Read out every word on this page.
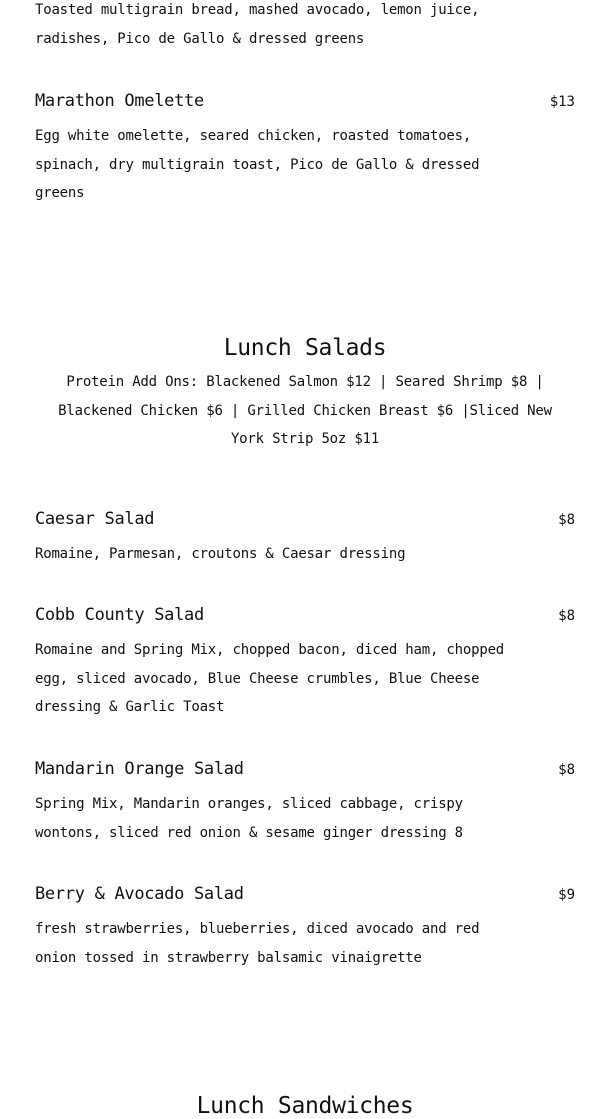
Toasted multigrain bread, mashed avocado, lemon juice, radishes, Pico de Gallo & dressed greens
Marathon Omelette	$13
Egg white omelette, seared chicken, roasted tomatoes, spinach, dry multigrain toast, Pico de Gallo & dressed greens
Lunch Salads
Protein Add Ons: Blackened Salmon $12 | Seared Shrimp $8 | Blackened Chicken $6 | Grilled Chicken Breast $6 |Sliced New York Strip 5oz $11
Caesar Salad	$8
Romaine, Parmesan, croutons & Caesar dressing
Cobb County Salad	$8
Romaine and Spring Mix, chopped bacon, diced ham, chopped egg, sliced avocado, Blue Cheese crumbles, Blue Cheese dressing & Garlic Toast
Mandarin Orange Salad	$8
Spring Mix, Mandarin oranges, sliced cabbage, crispy wontons, sliced red onion & sesame ginger dressing 8
Berry & Avocado Salad	$9
fresh strawberries, blueberries, diced avocado and red onion tossed in strawberry balsamic vinaigrette
Lunch Sandwiches
